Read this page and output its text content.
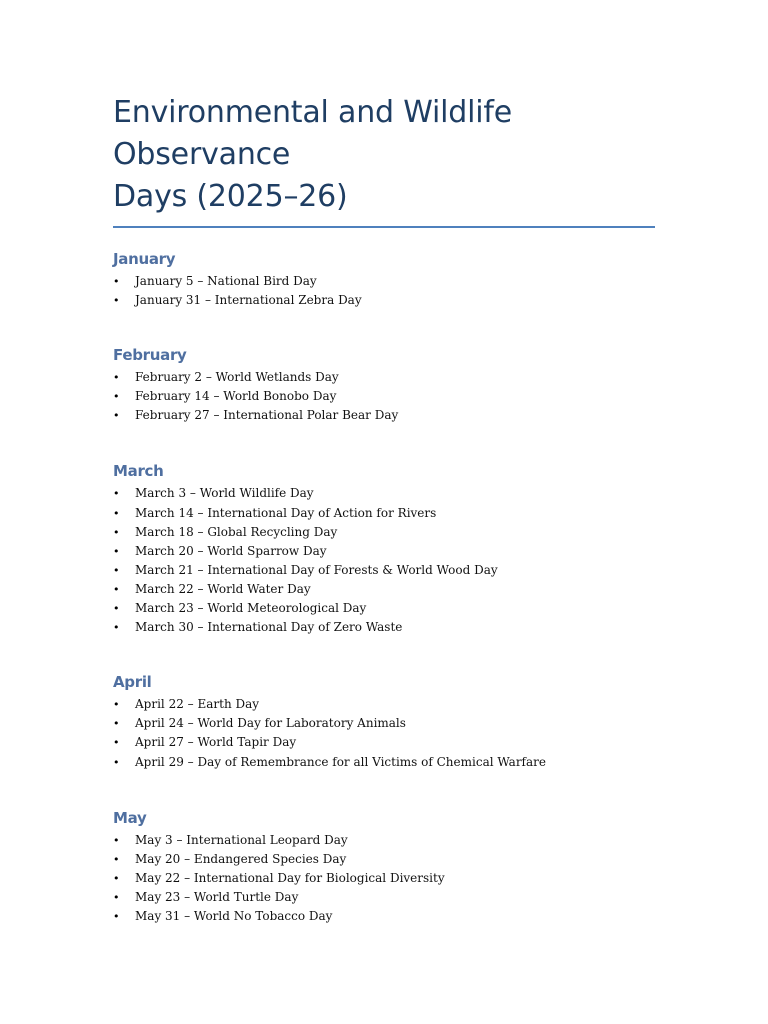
Environmental and Wildlife Observance
Days (2025–26)
January
• January 5 – National Bird Day
• January 31 – International Zebra Day
February
• February 2 – World Wetlands Day
• February 14 – World Bonobo Day
• February 27 – International Polar Bear Day
March
• March 3 – World Wildlife Day
• March 14 – International Day of Action for Rivers
• March 18 – Global Recycling Day
• March 20 – World Sparrow Day
• March 21 – International Day of Forests & World Wood Day
• March 22 – World Water Day
• March 23 – World Meteorological Day
• March 30 – International Day of Zero Waste
April
• April 22 – Earth Day
• April 24 – World Day for Laboratory Animals
• April 27 – World Tapir Day
• April 29 – Day of Remembrance for all Victims of Chemical Warfare
May
• May 3 – International Leopard Day
• May 20 – Endangered Species Day
• May 22 – International Day for Biological Diversity
• May 23 – World Turtle Day
• May 31 – World No Tobacco Day
